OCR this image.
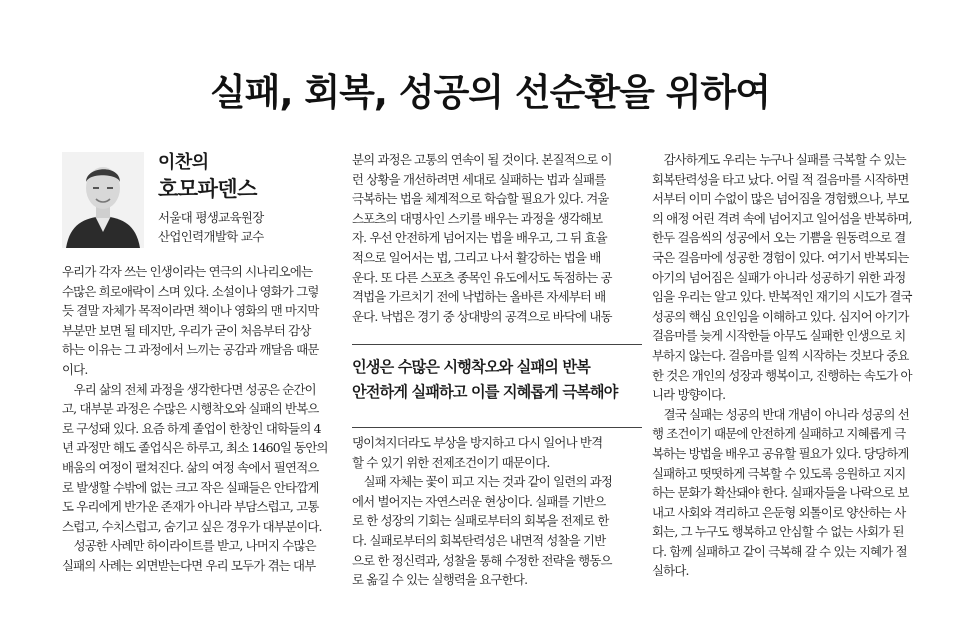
실패, 회복, 성공의 선순환을 위하여
이찬의
호모파덴스
서울대 평생교육원장
산업인력개발학 교수
우리가 각자 쓰는 인생이라는 연극의 시나리오에는
수많은 희로애락이 스며 있다. 소설이나 영화가 그렇
듯 결말 자체가 목적이라면 책이나 영화의 맨 마지막
부분만 보면 될 테지만, 우리가 굳이 처음부터 감상
하는 이유는 그 과정에서 느끼는 공감과 깨달음 때문
이다.
　우리 삶의 전체 과정을 생각한다면 성공은 순간이
고, 대부분 과정은 수많은 시행착오와 실패의 반복으
로 구성돼 있다. 요즘 하계 졸업이 한창인 대학들의 4
년 과정만 해도 졸업식은 하루고, 최소 1460일 동안의
배움의 여정이 펼쳐진다. 삶의 여정 속에서 필연적으
로 발생할 수밖에 없는 크고 작은 실패들은 안타깝게
도 우리에게 반가운 존재가 아니라 부담스럽고, 고통
스럽고, 수치스럽고, 숨기고 싶은 경우가 대부분이다.
　성공한 사례만 하이라이트를 받고, 나머지 수많은
실패의 사례는 외면받는다면 우리 모두가 겪는 대부
분의 과정은 고통의 연속이 될 것이다. 본질적으로 이
런 상황을 개선하려면 세대로 실패하는 법과 실패를
극복하는 법을 체계적으로 학습할 필요가 있다. 겨울
스포츠의 대명사인 스키를 배우는 과정을 생각해보
자. 우선 안전하게 넘어지는 법을 배우고, 그 뒤 효율
적으로 일어서는 법, 그리고 나서 활강하는 법을 배
운다. 또 다른 스포츠 종목인 유도에서도 독점하는 공
격법을 가르치기 전에 낙법하는 올바른 자세부터 배
운다. 낙법은 경기 중 상대방의 공격으로 바닥에 내동
인생은 수많은 시행착오와 실패의 반복
안전하게 실패하고 이를 지혜롭게 극복해야
댕이쳐지더라도 부상을 방지하고 다시 일어나 반격
할 수 있기 위한 전제조건이기 때문이다.
　실패 자체는 꽃이 피고 지는 것과 같이 일련의 과정
에서 벌어지는 자연스러운 현상이다. 실패를 기반으
로 한 성장의 기회는 실패로부터의 회복을 전제로 한
다. 실패로부터의 회복탄력성은 내면적 성찰을 기반
으로 한 정신력과, 성찰을 통해 수정한 전략을 행동으
로 옮길 수 있는 실행력을 요구한다.
　감사하게도 우리는 누구나 실패를 극복할 수 있는
회복탄력성을 타고 났다. 어릴 적 걸음마를 시작하면
서부터 이미 수없이 많은 넘어짐을 경험했으나, 부모
의 애정 어린 격려 속에 넘어지고 일어섬을 반복하며,
한두 걸음씩의 성공에서 오는 기쁨을 원동력으로 결
국은 걸음마에 성공한 경험이 있다. 여기서 반복되는
아기의 넘어짐은 실패가 아니라 성공하기 위한 과정
임을 우리는 알고 있다. 반복적인 재기의 시도가 결국
성공의 핵심 요인임을 이해하고 있다. 심지어 아기가
걸음마를 늦게 시작한들 아무도 실패한 인생으로 치
부하지 않는다. 걸음마를 일찍 시작하는 것보다 중요
한 것은 개인의 성장과 행복이고, 진행하는 속도가 아
니라 방향이다.
　결국 실패는 성공의 반대 개념이 아니라 성공의 선
행 조건이기 때문에 안전하게 실패하고 지혜롭게 극
복하는 방법을 배우고 공유할 필요가 있다. 당당하게
실패하고 떳떳하게 극복할 수 있도록 응원하고 지지
하는 문화가 확산돼야 한다. 실패자들을 나락으로 보
내고 사회와 격리하고 은둔형 외톨이로 양산하는 사
회는, 그 누구도 행복하고 안심할 수 없는 사회가 된
다. 함께 실패하고 같이 극복해 갈 수 있는 지혜가 절
실하다.
